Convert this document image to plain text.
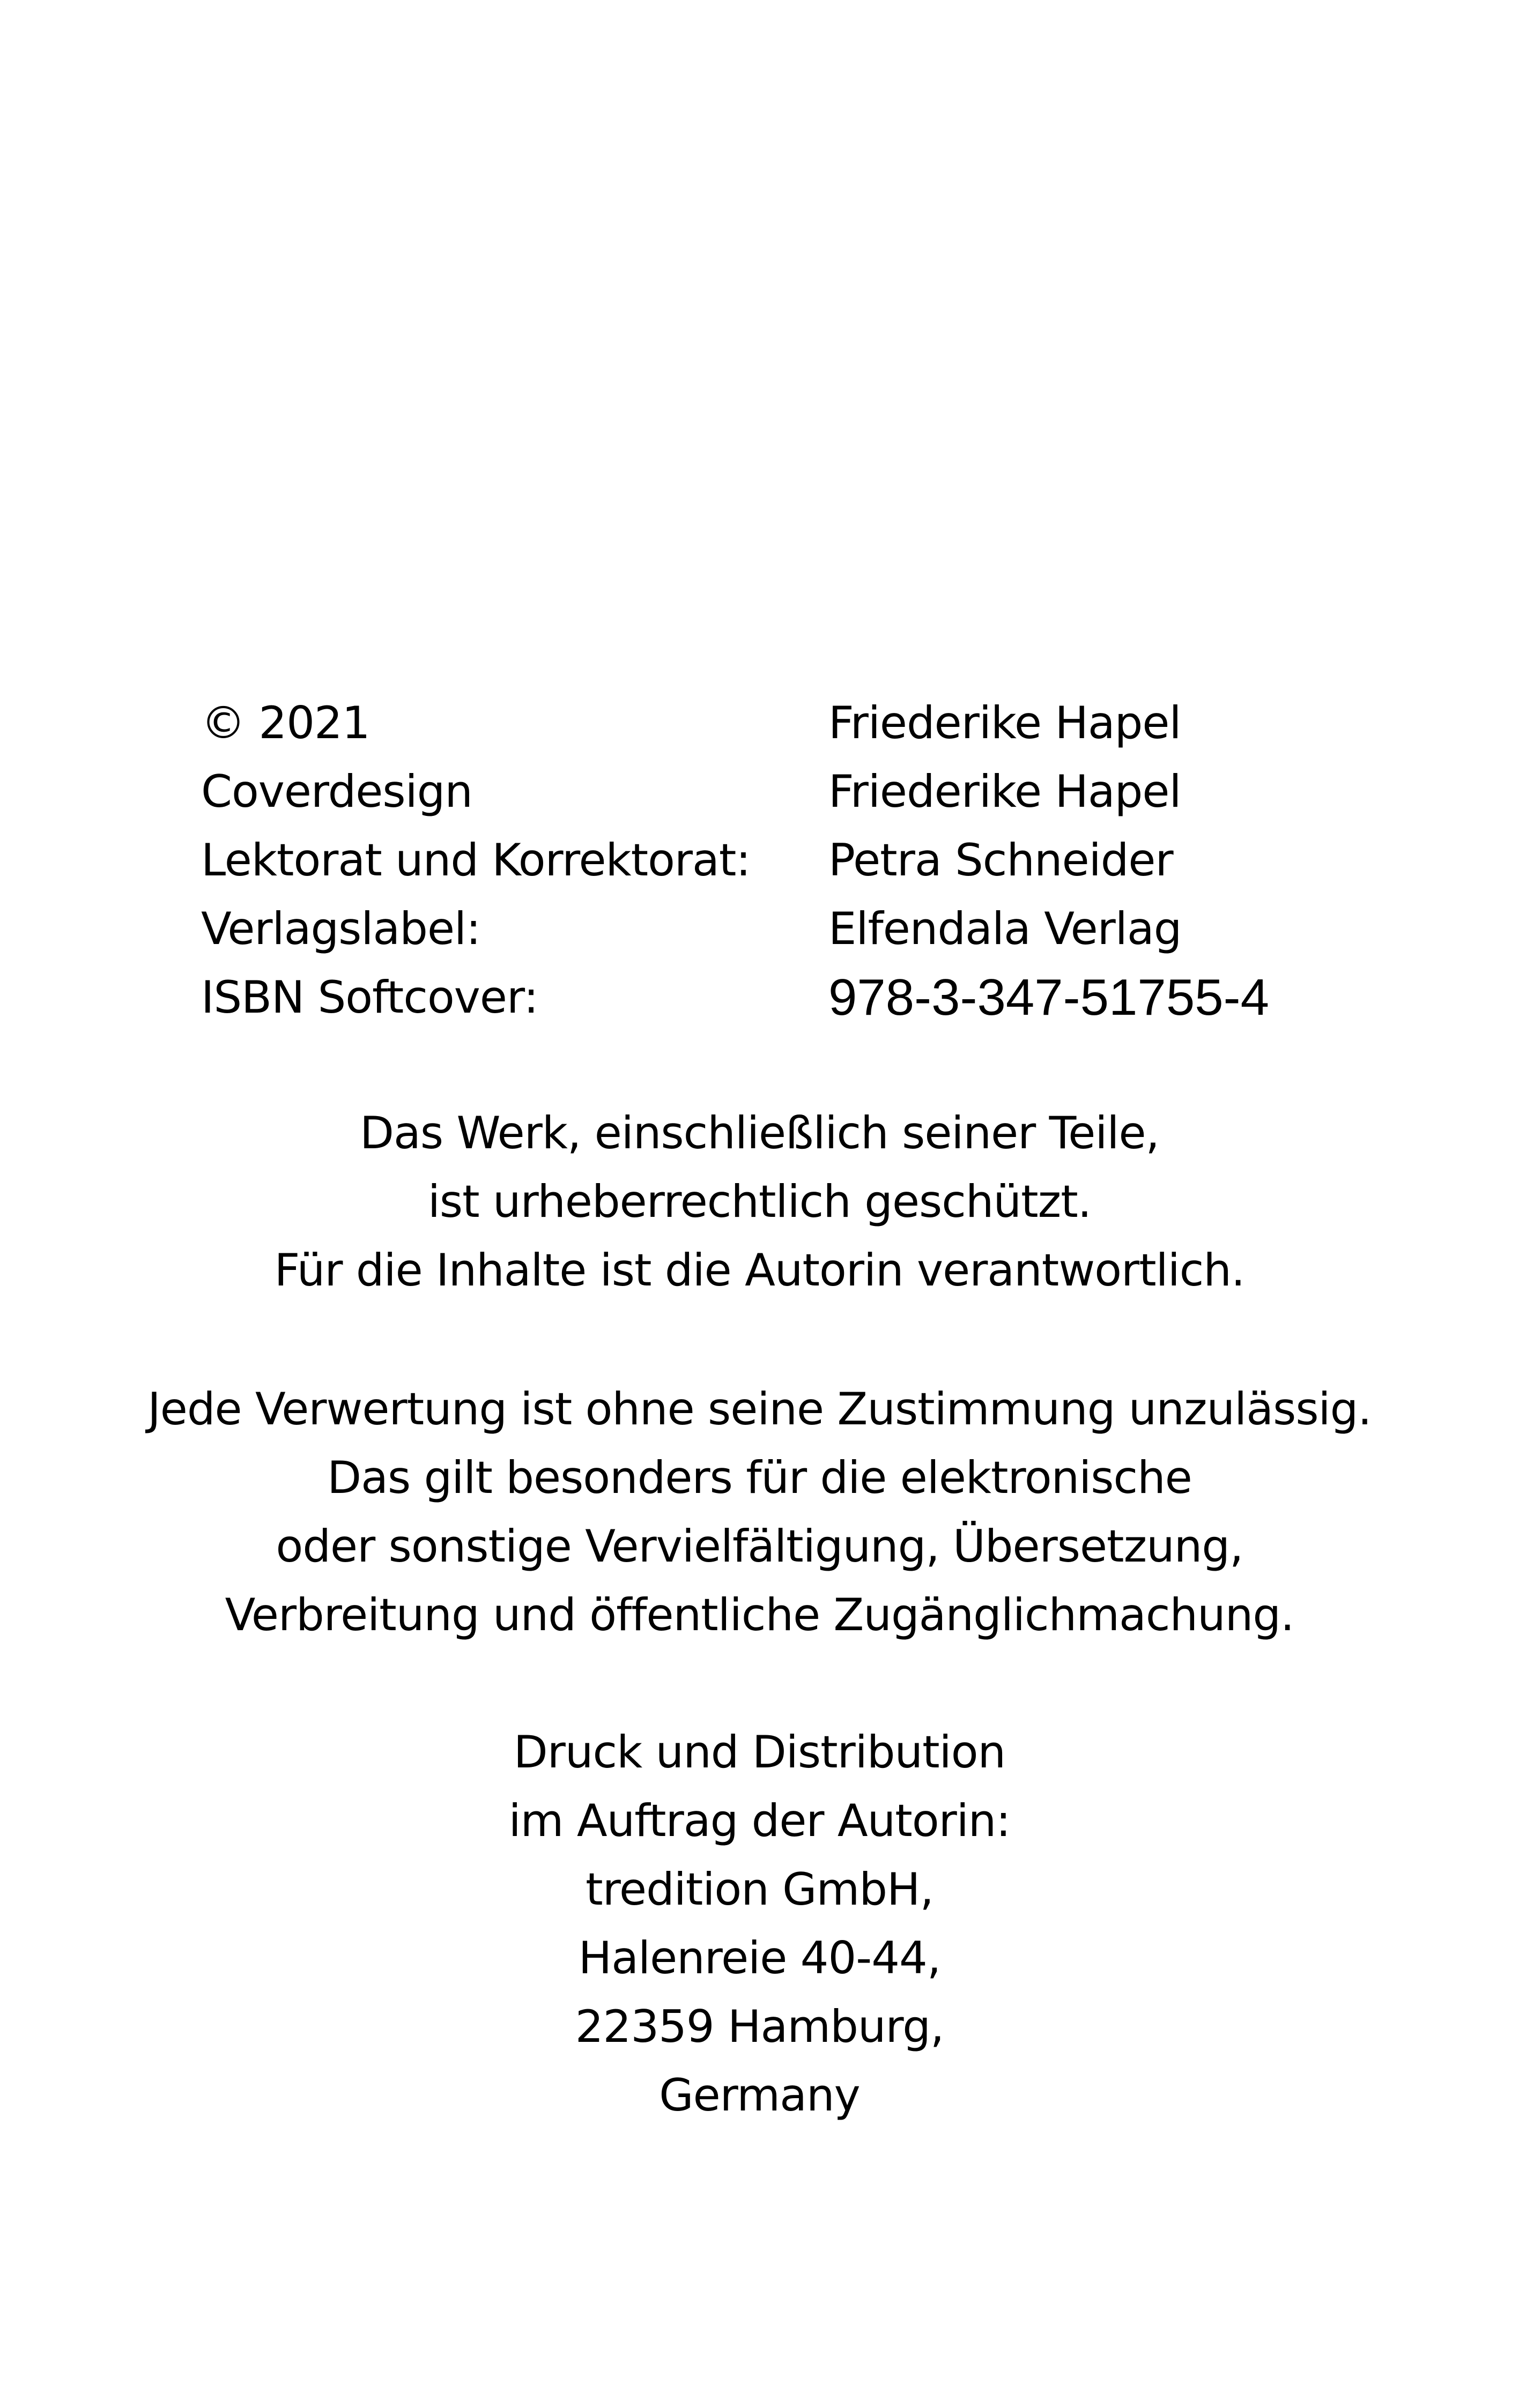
© 2021	Friederike Hapel
Coverdesign	Friederike Hapel
Lektorat und Korrektorat: Petra Schneider
Verlagslabel:	Elfendala Verlag
ISBN Softcover:	978-3-347-51755-4
Das Werk, einschließlich seiner Teile,
ist urheberrechtlich geschützt.
Für die Inhalte ist die Autorin verantwortlich.
Jede Verwertung ist ohne seine Zustimmung unzulässig.
Das gilt besonders für die elektronische
oder sonstige Vervielfältigung, Übersetzung,
Verbreitung und öffentliche Zugänglichmachung.
Druck und Distribution
im Auftrag der Autorin:
tredition GmbH,
Halenreie 40-44,
22359 Hamburg,
Germany
